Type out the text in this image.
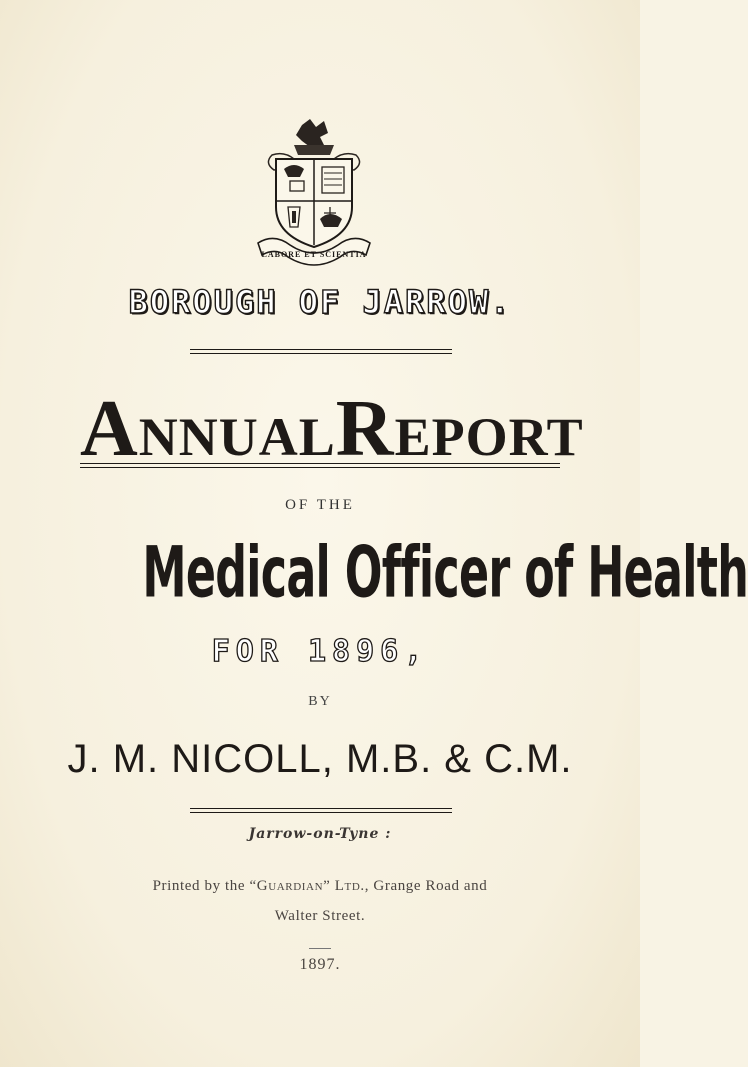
LABORE ET SCIENTIA
BOROUGH OF JARROW.
ANNUAL REPORT
OF THE
Medical Officer of Health
FOR 1896,
BY
J. M. NICOLL, M.B. & C.M.
Jarrow-on-Tyne :
Printed by the “Guardian” Ltd., Grange Road and
Walter Street.
1897.
